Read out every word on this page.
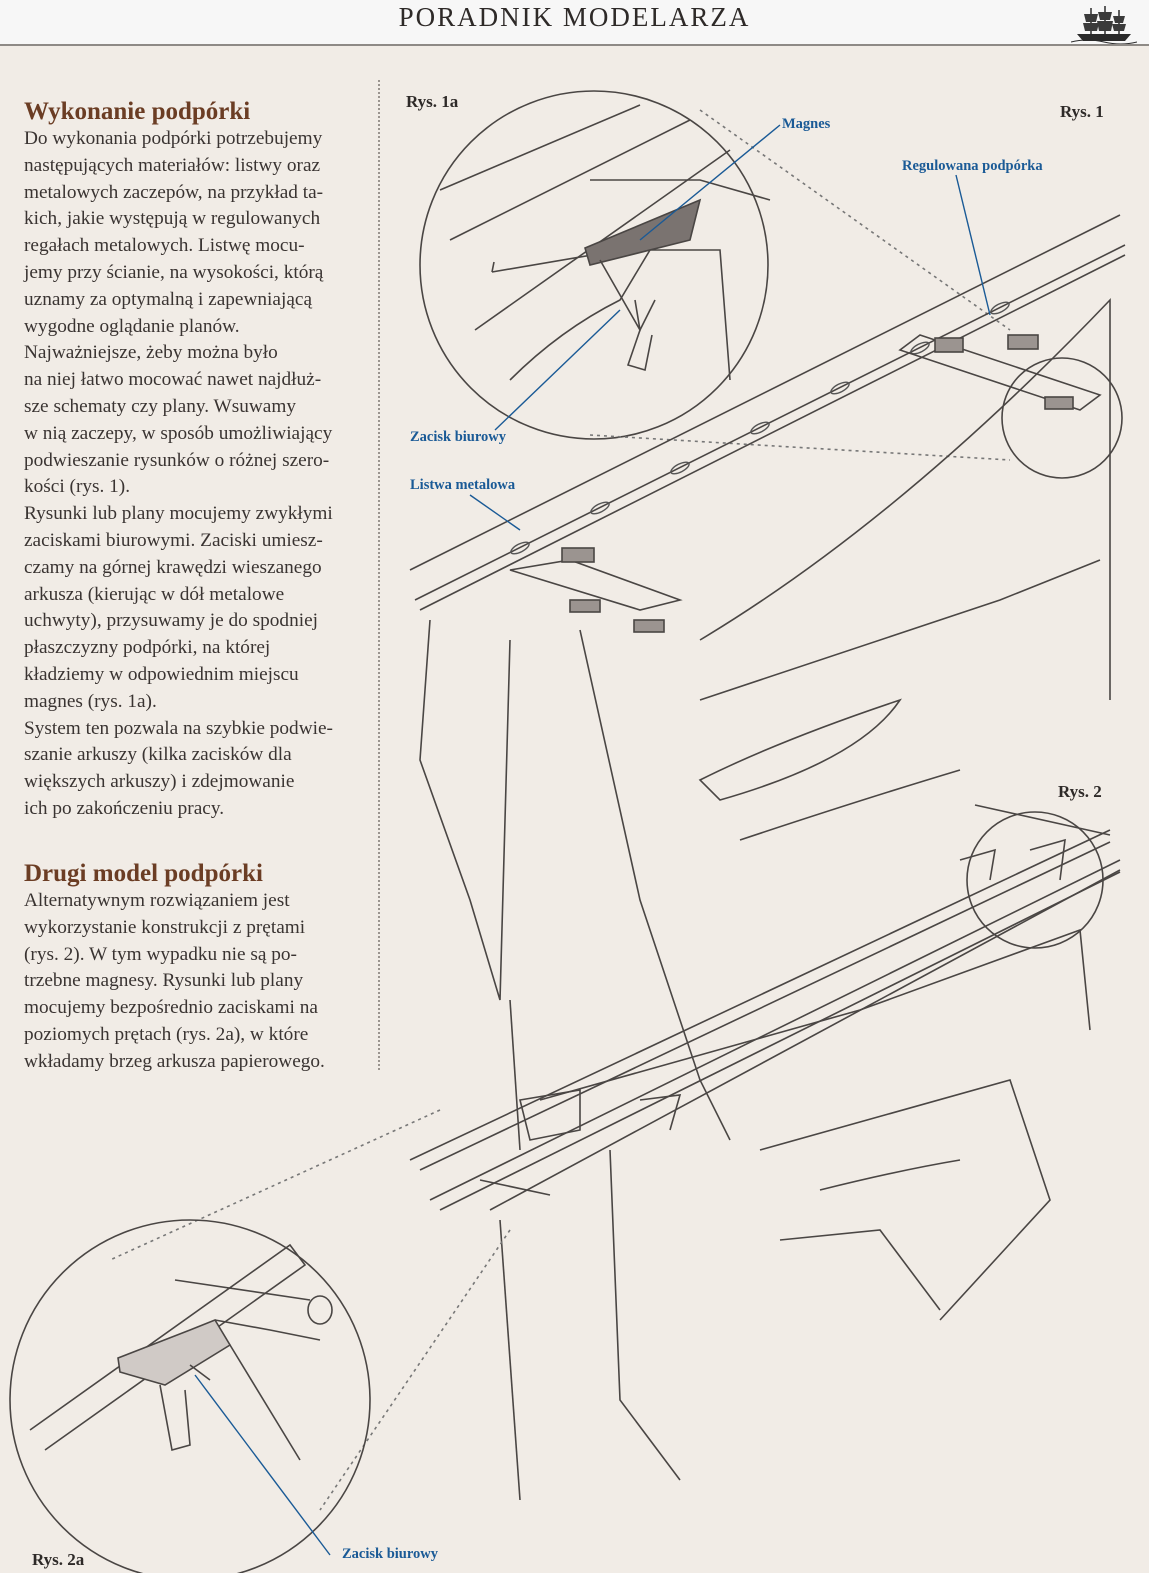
PORADNIK MODELARZA
Wykonanie podpórki

Do wykonania podpórki potrzebujemy
następujących materiałów: listwy oraz
metalowych zaczepów, na przykład ta-
kich, jakie występują w regulowanych
regałach metalowych. Listwę mocu-
jemy przy ścianie, na wysokości, którą
uznamy za optymalną i zapewniającą
wygodne oglądanie planów.
Najważniejsze, żeby można było
na niej łatwo mocować nawet najdłuż-
sze schematy czy plany. Wsuwamy
w nią zaczepy, w sposób umożliwiający
podwieszanie rysunków o różnej szero-
kości (rys. 1).
Rysunki lub plany mocujemy zwykłymi
zaciskami biurowymi. Zaciski umiesz-
czamy na górnej krawędzi wieszanego
arkusza (kierując w dół metalowe
uchwyty), przysuwamy je do spodniej
płaszczyzny podpórki, na której
kładziemy w odpowiednim miejscu
magnes (rys. 1a).
System ten pozwala na szybkie podwie-
szanie arkuszy (kilka zacisków dla
większych arkuszy) i zdejmowanie
ich po zakończeniu pracy.

Drugi model podpórki

Alternatywnym rozwiązaniem jest
wykorzystanie konstrukcji z prętami
(rys. 2). W tym wypadku nie są po-
trzebne magnesy. Rysunki lub plany
mocujemy bezpośrednio zaciskami na
poziomych prętach (rys. 2a), w które
wkładamy brzeg arkusza papierowego.

Rys. 1a
Rys. 1
Rys. 2
Rys. 2a
Magnes
Regulowana podpórka
Zacisk biurowy
Listwa metalowa
Zacisk biurowy
